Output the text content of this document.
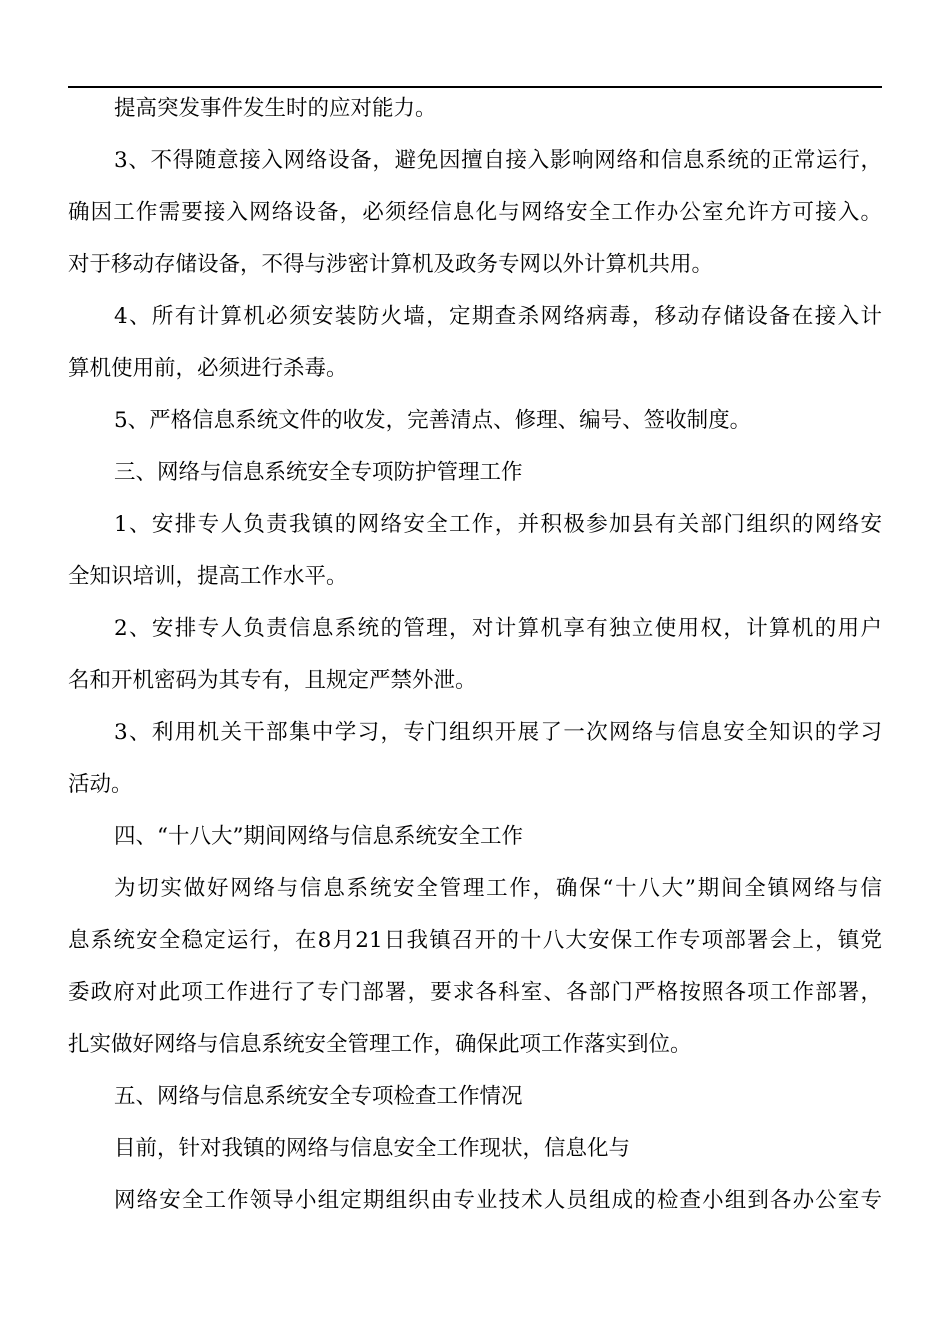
提高突发事件发生时的应对能力。
3、不得随意接入网络设备，避免因擅自接入影响网络和信息系统的正常运行，
确因工作需要接入网络设备，必须经信息化与网络安全工作办公室允许方可接入。
对于移动存储设备，不得与涉密计算机及政务专网以外计算机共用。
4、所有计算机必须安装防火墙，定期查杀网络病毒，移动存储设备在接入计
算机使用前，必须进行杀毒。
5、严格信息系统文件的收发，完善清点、修理、编号、签收制度。
三、网络与信息系统安全专项防护管理工作
1、安排专人负责我镇的网络安全工作，并积极参加县有关部门组织的网络安
全知识培训，提高工作水平。
2、安排专人负责信息系统的管理，对计算机享有独立使用权，计算机的用户
名和开机密码为其专有，且规定严禁外泄。
3、利用机关干部集中学习，专门组织开展了一次网络与信息安全知识的学习
活动。
四、“十八大”期间网络与信息系统安全工作
为切实做好网络与信息系统安全管理工作，确保“十八大”期间全镇网络与信
息系统安全稳定运行，在8月21日我镇召开的十八大安保工作专项部署会上，镇党
委政府对此项工作进行了专门部署，要求各科室、各部门严格按照各项工作部署，
扎实做好网络与信息系统安全管理工作，确保此项工作落实到位。
五、网络与信息系统安全专项检查工作情况
目前，针对我镇的网络与信息安全工作现状，信息化与
网络安全工作领导小组定期组织由专业技术人员组成的检查小组到各办公室专
